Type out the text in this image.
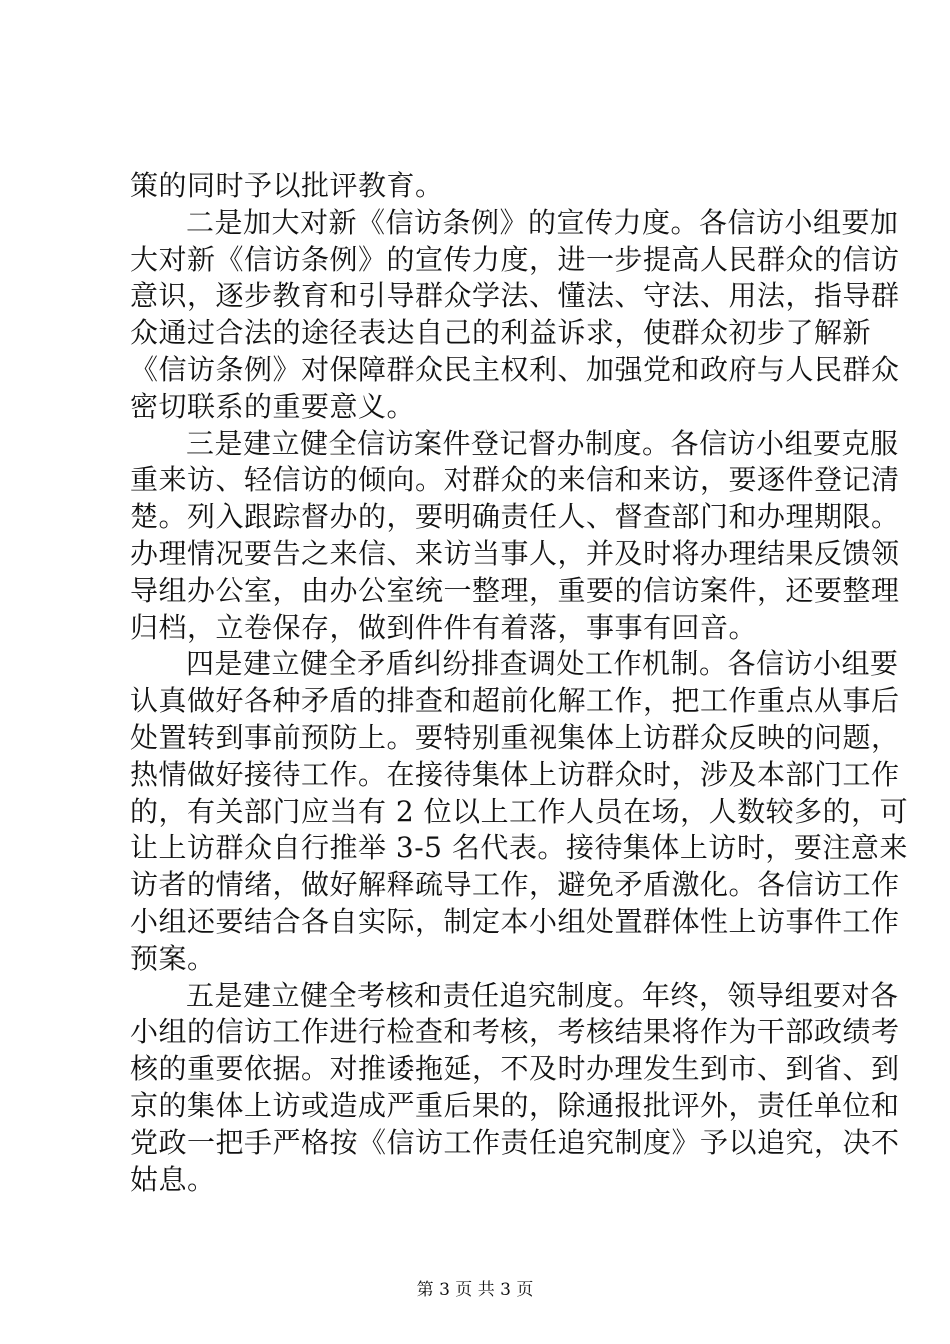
策的同时予以批评教育。
二是加大对新《信访条例》的宣传力度。各信访小组要加
大对新《信访条例》的宣传力度，进一步提高人民群众的信访
意识，逐步教育和引导群众学法、懂法、守法、用法，指导群
众通过合法的途径表达自己的利益诉求，使群众初步了解新
《信访条例》对保障群众民主权利、加强党和政府与人民群众
密切联系的重要意义。
三是建立健全信访案件登记督办制度。各信访小组要克服
重来访、轻信访的倾向。对群众的来信和来访，要逐件登记清
楚。列入跟踪督办的，要明确责任人、督查部门和办理期限。
办理情况要告之来信、来访当事人，并及时将办理结果反馈领
导组办公室，由办公室统一整理，重要的信访案件，还要整理
归档，立卷保存，做到件件有着落，事事有回音。
四是建立健全矛盾纠纷排查调处工作机制。各信访小组要
认真做好各种矛盾的排查和超前化解工作，把工作重点从事后
处置转到事前预防上。要特别重视集体上访群众反映的问题，
热情做好接待工作。在接待集体上访群众时，涉及本部门工作
的，有关部门应当有 2 位以上工作人员在场，人数较多的，可
让上访群众自行推举 3-5 名代表。接待集体上访时，要注意来
访者的情绪，做好解释疏导工作，避免矛盾激化。各信访工作
小组还要结合各自实际，制定本小组处置群体性上访事件工作
预案。
五是建立健全考核和责任追究制度。年终，领导组要对各
小组的信访工作进行检查和考核，考核结果将作为干部政绩考
核的重要依据。对推诿拖延，不及时办理发生到市、到省、到
京的集体上访或造成严重后果的，除通报批评外，责任单位和
党政一把手严格按《信访工作责任追究制度》予以追究，决不
姑息。
第 3 页 共 3 页
